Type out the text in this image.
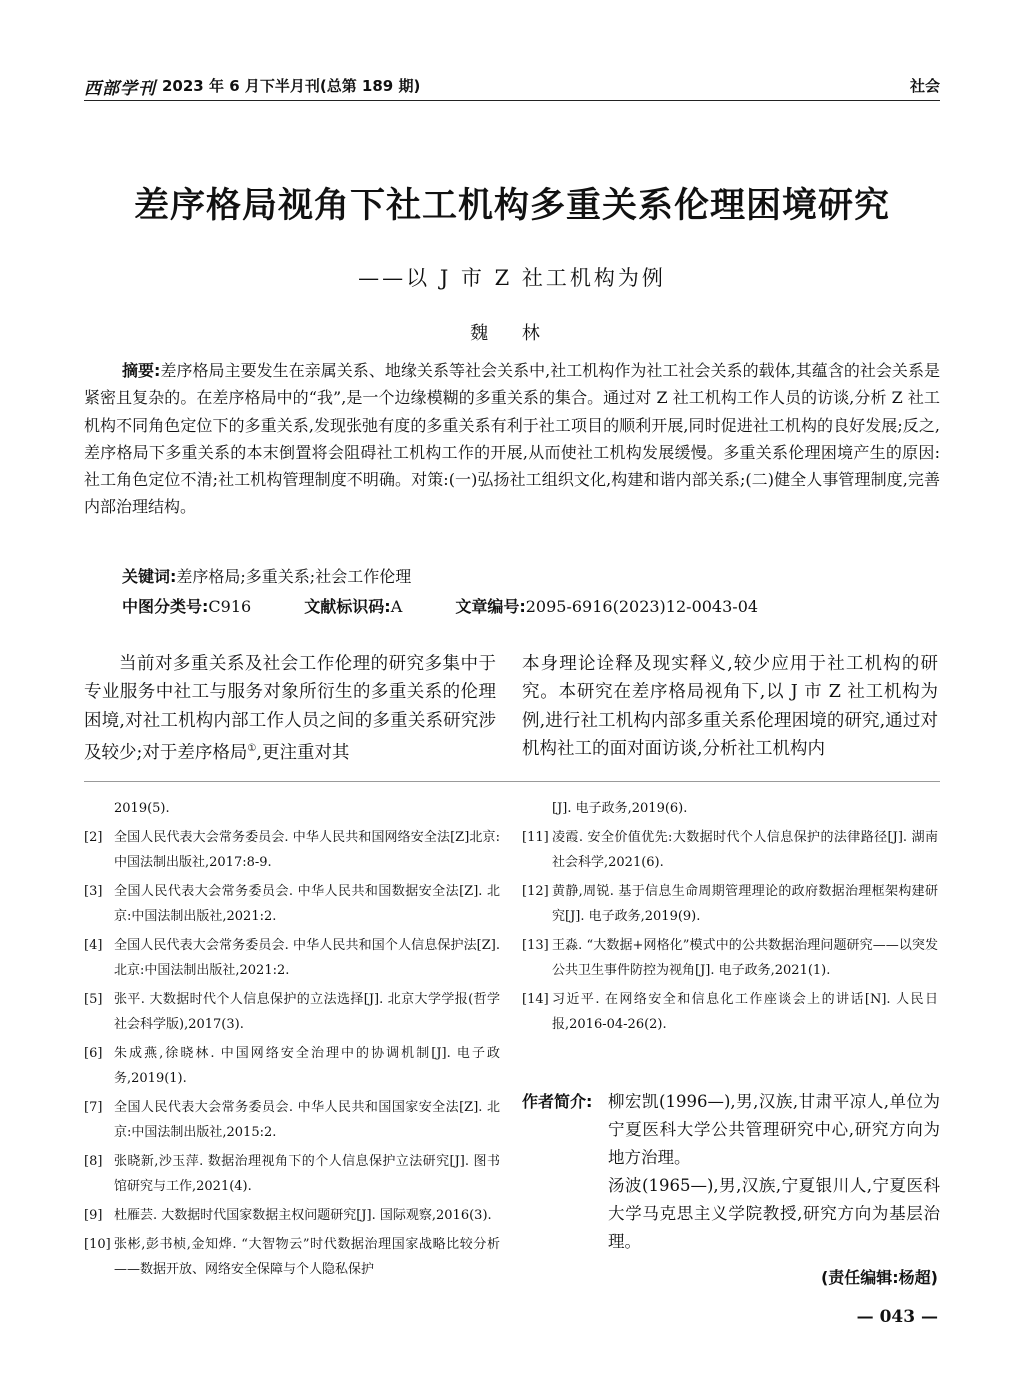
西部学刊 2023 年 6 月下半月刊(总第 189 期)	社会
差序格局视角下社工机构多重关系伦理困境研究
——以 J 市 Z 社工机构为例
魏 林
摘要:差序格局主要发生在亲属关系、地缘关系等社会关系中,社工机构作为社工社会关系的载体,其蕴含的社会关系是紧密且复杂的。在差序格局中的“我”,是一个边缘模糊的多重关系的集合。通过对 Z 社工机构工作人员的访谈,分析 Z 社工机构不同角色定位下的多重关系,发现张弛有度的多重关系有利于社工项目的顺利开展,同时促进社工机构的良好发展;反之,差序格局下多重关系的本末倒置将会阻碍社工机构工作的开展,从而使社工机构发展缓慢。多重关系伦理困境产生的原因:社工角色定位不清;社工机构管理制度不明确。对策:(一)弘扬社工组织文化,构建和谐内部关系;(二)健全人事管理制度,完善内部治理结构。
关键词:差序格局;多重关系;社会工作伦理
中图分类号:C916	文献标识码:A	文章编号:2095-6916(2023)12-0043-04
当前对多重关系及社会工作伦理的研究多集中于专业服务中社工与服务对象所衍生的多重关系的伦理困境,对社工机构内部工作人员之间的多重关系研究涉及较少;对于差序格局①,更注重对其
本身理论诠释及现实释义,较少应用于社工机构的研究。本研究在差序格局视角下,以 J 市 Z 社工机构为例,进行社工机构内部多重关系伦理困境的研究,通过对机构社工的面对面访谈,分析社工机构内
2019(5).
[2] 全国人民代表大会常务委员会. 中华人民共和国网络安全法[Z]北京:中国法制出版社,2017:8-9.
[3] 全国人民代表大会常务委员会. 中华人民共和国数据安全法[Z]. 北京:中国法制出版社,2021:2.
[4] 全国人民代表大会常务委员会. 中华人民共和国个人信息保护法[Z]. 北京:中国法制出版社,2021:2.
[5] 张平. 大数据时代个人信息保护的立法选择[J]. 北京大学学报(哲学社会科学版),2017(3).
[6] 朱成燕,徐晓林. 中国网络安全治理中的协调机制[J]. 电子政务,2019(1).
[7] 全国人民代表大会常务委员会. 中华人民共和国国家安全法[Z]. 北京:中国法制出版社,2015:2.
[8] 张晓新,沙玉萍. 数据治理视角下的个人信息保护立法研究[J]. 图书馆研究与工作,2021(4).
[9] 杜雁芸. 大数据时代国家数据主权问题研究[J]. 国际观察,2016(3).
[10] 张彬,彭书桢,金知烨. “大智物云”时代数据治理国家战略比较分析——数据开放、网络安全保障与个人隐私保护
[J]. 电子政务,2019(6).
[11] 凌霞. 安全价值优先:大数据时代个人信息保护的法律路径[J]. 湖南社会科学,2021(6).
[12] 黄静,周锐. 基于信息生命周期管理理论的政府数据治理框架构建研究[J]. 电子政务,2019(9).
[13] 王淼. “大数据+网格化”模式中的公共数据治理问题研究——以突发公共卫生事件防控为视角[J]. 电子政务,2021(1).
[14] 习近平. 在网络安全和信息化工作座谈会上的讲话[N]. 人民日报,2016-04-26(2).
作者简介: 柳宏凯(1996—),男,汉族,甘肃平凉人,单位为宁夏医科大学公共管理研究中心,研究方向为地方治理。
汤波(1965—),男,汉族,宁夏银川人,宁夏医科大学马克思主义学院教授,研究方向为基层治理。
(责任编辑:杨超)
— 043 —
